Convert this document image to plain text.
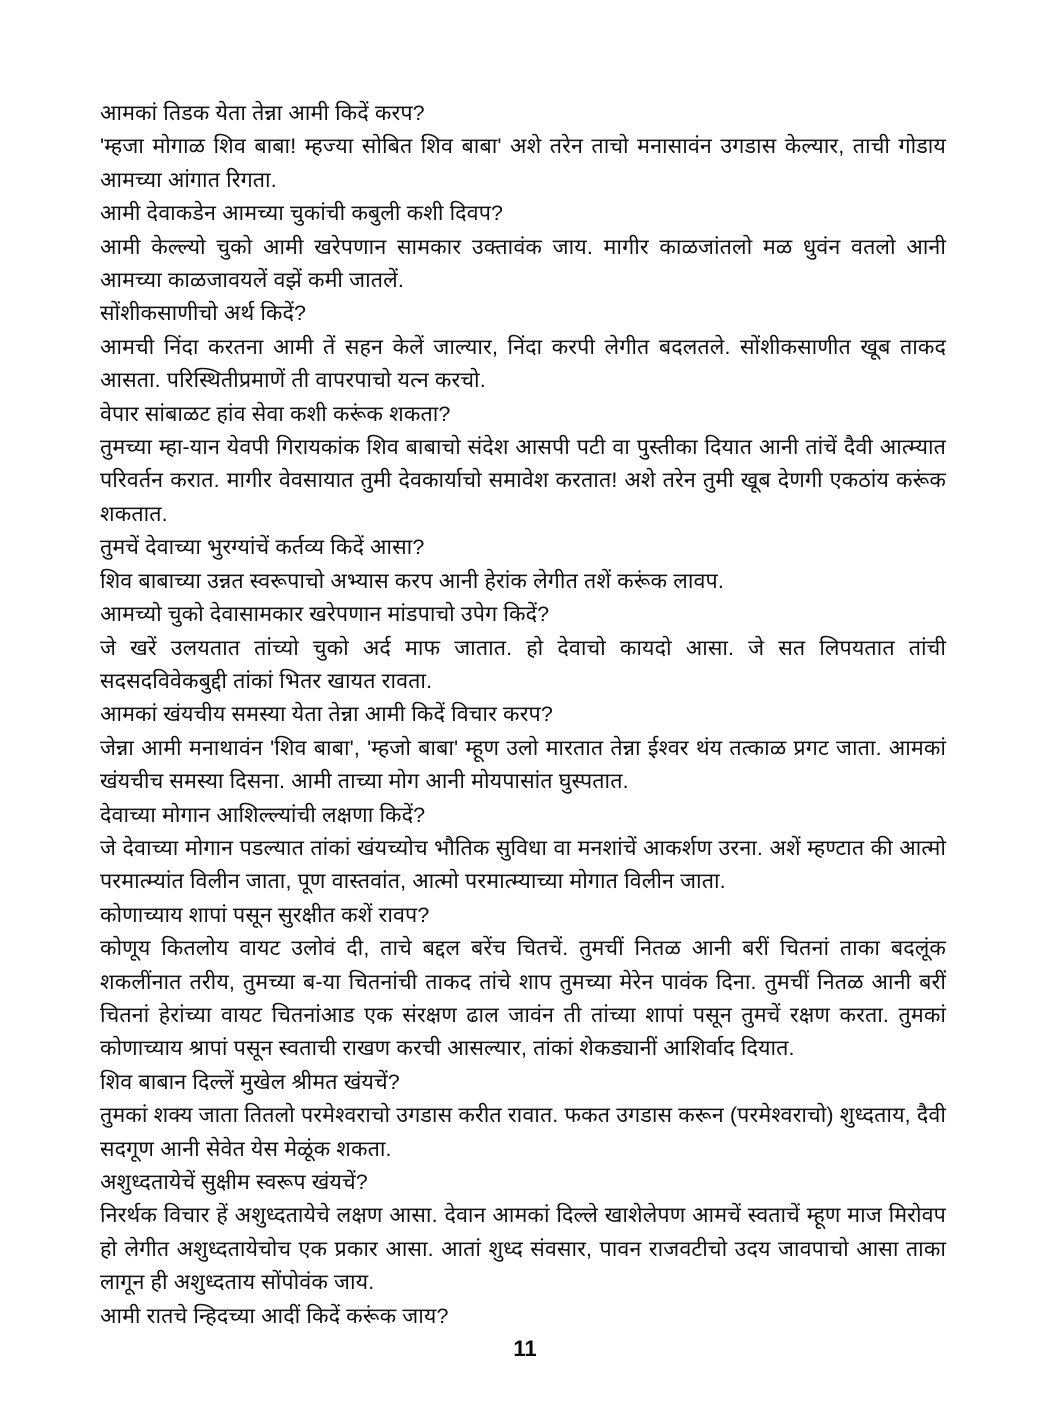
आमकां तिडक येता तेन्ना आमी किदें करप?
'म्हजा मोगाळ शिव बाबा! म्हज्या सोबित शिव बाबा' अशे तरेन ताचो मनासावंन उगडास केल्यार, ताची गोडाय आमच्या आंगात रिगता.
आमी देवाकडेन आमच्या चुकांची कबुली कशी दिवप?
आमी केल्ल्यो चुको आमी खरेपणान सामकार उक्तावंक जाय. मागीर काळजांतलो मळ धुवंन वतलो आनी आमच्या काळजावयलें वझें कमी जातलें.
सोंशीकसाणीचो अर्थ किदें?
आमची निंदा करतना आमी तें सहन केलें जाल्यार, निंदा करपी लेगीत बदलतले. सोंशीकसाणीत खूब ताकद आसता. परिस्थितीप्रमाणें ती वापरपाचो यत्न करचो.
वेपार सांबाळट हांव सेवा कशी करूंक शकता?
तुमच्या म्हा-यान येवपी गिरायकांक शिव बाबाचो संदेश आसपी पटी वा पुस्तीका दियात आनी तांचें दैवी आत्म्यात परिवर्तन करात. मागीर वेवसायात तुमी देवकार्याचो समावेश करतात! अशे तरेन तुमी खूब देणगी एकठांय करूंक शकतात.
तुमचें देवाच्या भुरग्यांचें कर्तव्य किदें आसा?
शिव बाबाच्या उन्नत स्वरूपाचो अभ्यास करप आनी हेरांक लेगीत तशें करूंक लावप.
आमच्यो चुको देवासामकार खरेपणान मांडपाचो उपेग किदें?
जे खरें उलयतात तांच्यो चुको अर्द माफ जातात. हो देवाचो कायदो आसा. जे सत लिपयतात तांची सदसदविवेकबुद्दी तांकां भितर खायत रावता.
आमकां खंयचीय समस्या येता तेन्ना आमी किदें विचार करप?
जेन्ना आमी मनाथावंन 'शिव बाबा', 'म्हजो बाबा' म्हूण उलो मारतात तेन्ना ईश्वर थंय तत्काळ प्रगट जाता. आमकां खंयचीच समस्या दिसना. आमी ताच्या मोग आनी मोयपासांत घुस्पतात.
देवाच्या मोगान आशिल्ल्यांची लक्षणा किदें?
जे देवाच्या मोगान पडल्यात तांकां खंयच्योच भौतिक सुविधा वा मनशांचें आकर्शण उरना. अशें म्हण्टात की आत्मो परमात्म्यांत विलीन जाता, पूण वास्तवांत, आत्मो परमात्म्याच्या मोगात विलीन जाता.
कोणाच्याय शापां पसून सुरक्षीत कशें रावप?
कोणूय कितलोय वायट उलोवं दी, ताचे बद्दल बरेंच चितचें. तुमचीं नितळ आनी बरीं चितनां ताका बदलूंक शकलींनात तरीय, तुमच्या ब-या चितनांची ताकद तांचे शाप तुमच्या मेरेन पावंक दिना. तुमचीं नितळ आनी बरीं चितनां हेरांच्या वायट चितनांआड एक संरक्षण ढाल जावंन ती तांच्या शापां पसून तुमचें रक्षण करता. तुमकां कोणाच्याय श्रापां पसून स्वताची राखण करची आसल्यार, तांकां शेकड्यानीं आशिर्वाद दियात.
शिव बाबान दिल्लें मुखेल श्रीमत खंयचें?
तुमकां शक्य जाता तितलो परमेश्वराचो उगडास करीत रावात. फकत उगडास करून (परमेश्वराचो) शुध्दताय, दैवी सदगूण आनी सेवेत येस मेळूंक शकता.
अशुध्दतायेचें सुक्षीम स्वरूप खंयचें?
निरर्थक विचार हें अशुध्दतायेचे लक्षण आसा. देवान आमकां दिल्ले खाशेलेपण आमचें स्वताचें म्हूण माज मिरोवप हो लेगीत अशुध्दतायेचोच एक प्रकार आसा. आतां शुध्द संवसार, पावन राजवटीचो उदय जावपाचो आसा ताका लागून ही अशुध्दताय सोंपोवंक जाय.
आमी रातचे न्हिदच्या आदीं किदें करूंक जाय?
11
